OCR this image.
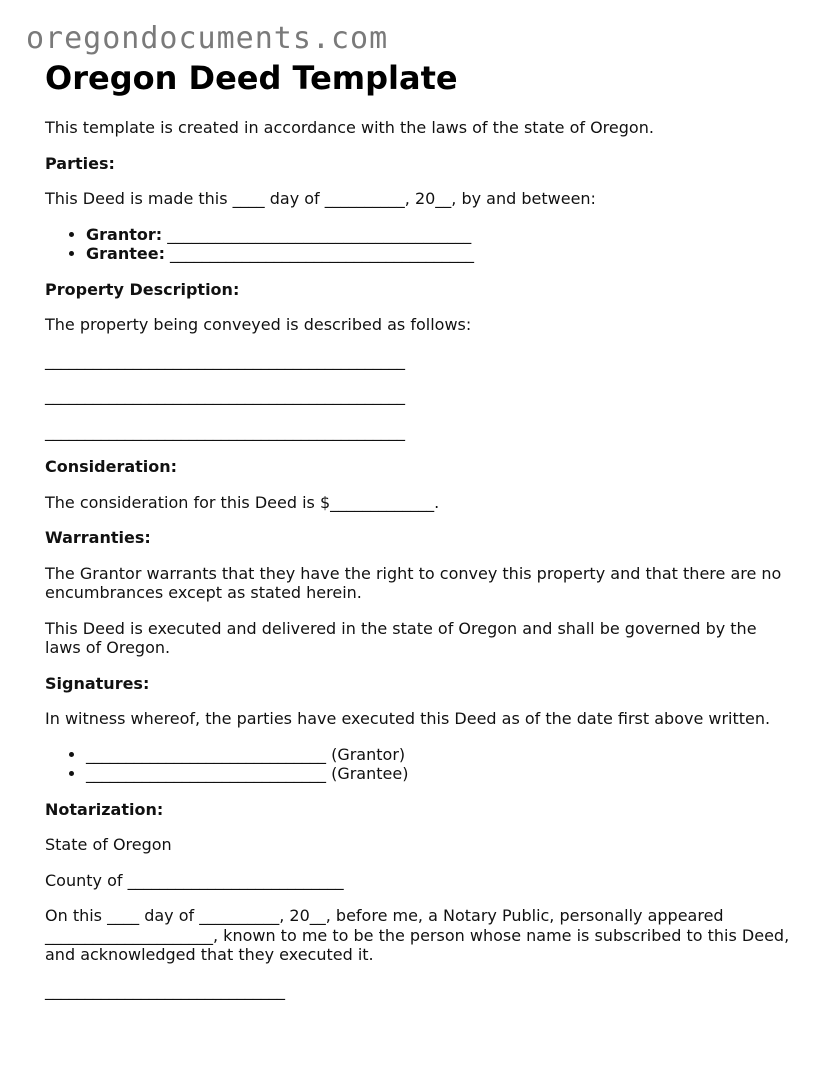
oregondocuments.com
Oregon Deed Template

This template is created in accordance with the laws of the state of Oregon.

Parties:

This Deed is made this ____ day of __________, 20__, by and between:

• Grantor: ______________________________________
• Grantee: ______________________________________

Property Description:

The property being conveyed is described as follows:

_____________________________________________
_____________________________________________
_____________________________________________

Consideration:

The consideration for this Deed is $_____________.

Warranties:

The Grantor warrants that they have the right to convey this property and that there are no encumbrances except as stated herein.

This Deed is executed and delivered in the state of Oregon and shall be governed by the laws of Oregon.

Signatures:

In witness whereof, the parties have executed this Deed as of the date first above written.

• ______________________________ (Grantor)
• ______________________________ (Grantee)

Notarization:

State of Oregon

County of ___________________________

On this ____ day of __________, 20__, before me, a Notary Public, personally appeared _____________________, known to me to be the person whose name is subscribed to this Deed, and acknowledged that they executed it.

______________________________
